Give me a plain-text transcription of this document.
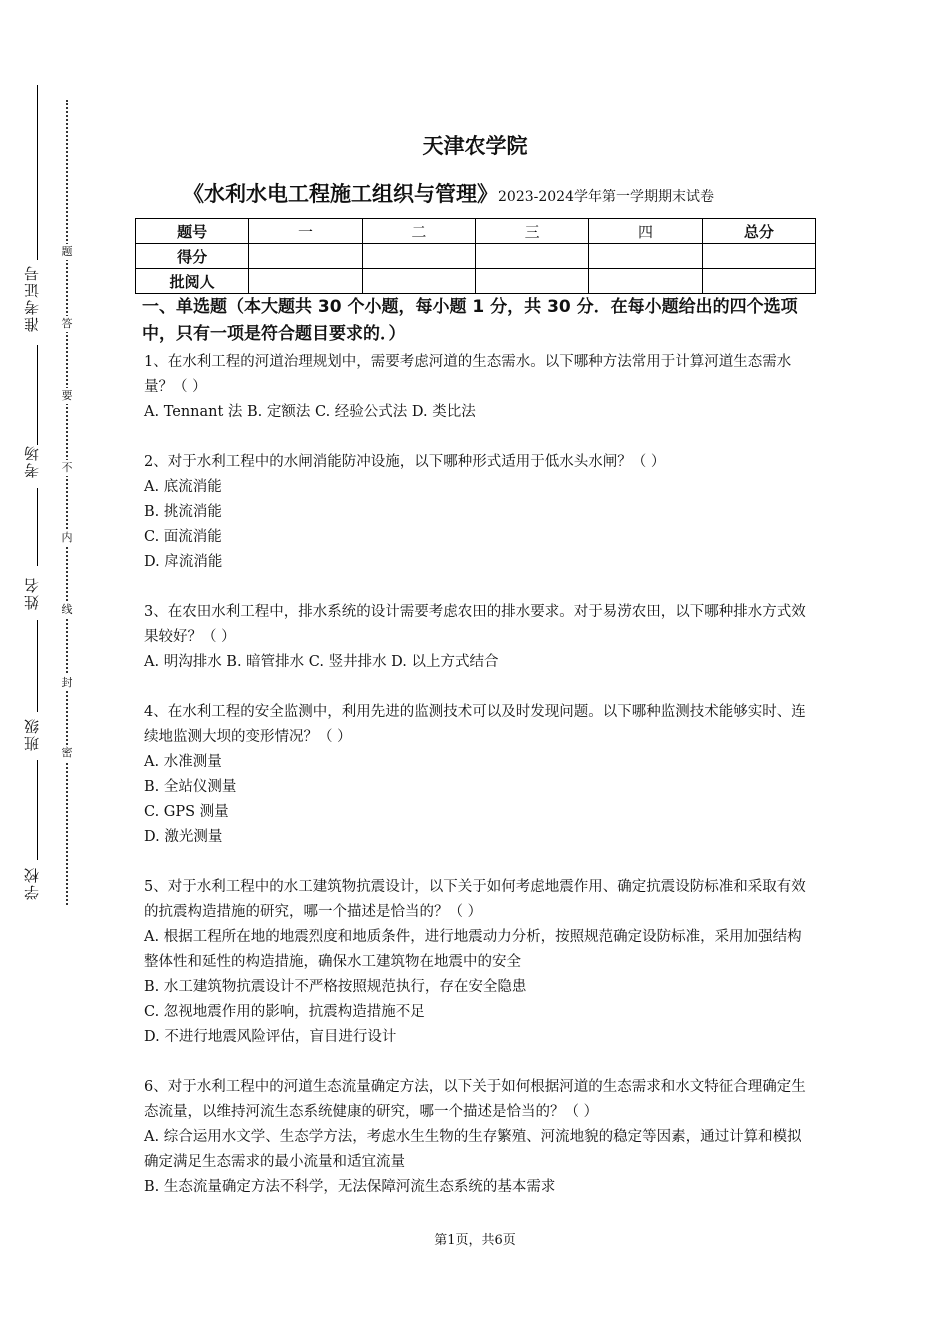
准考证号
考场
姓名
班级
学校
题
答
要
不
内
线
封
密
天津农学院
《水利水电工程施工组织与管理》2023-2024学年第一学期期末试卷
题号	一	二	三	四	总分
得分					
批阅人					
一、单选题（本大题共 30 个小题，每小题 1 分，共 30 分．在每小题给出的四个选项中，只有一项是符合题目要求的．）

1、在水利工程的河道治理规划中，需要考虑河道的生态需水。以下哪种方法常用于计算河道生态需水量？（ ）

A. Tennant 法 B. 定额法 C. 经验公式法 D. 类比法

2、对于水利工程中的水闸消能防冲设施，以下哪种形式适用于低水头水闸？（ ）

A. 底流消能

B. 挑流消能

C. 面流消能

D. 戽流消能

3、在农田水利工程中，排水系统的设计需要考虑农田的排水要求。对于易涝农田，以下哪种排水方式效果较好？（ ）

A. 明沟排水 B. 暗管排水 C. 竖井排水 D. 以上方式结合

4、在水利工程的安全监测中，利用先进的监测技术可以及时发现问题。以下哪种监测技术能够实时、连续地监测大坝的变形情况？（ ）

A. 水准测量

B. 全站仪测量

C. GPS 测量

D. 激光测量

5、对于水利工程中的水工建筑物抗震设计，以下关于如何考虑地震作用、确定抗震设防标准和采取有效的抗震构造措施的研究，哪一个描述是恰当的？（ ）

A. 根据工程所在地的地震烈度和地质条件，进行地震动力分析，按照规范确定设防标准，采用加强结构整体性和延性的构造措施，确保水工建筑物在地震中的安全

B. 水工建筑物抗震设计不严格按照规范执行，存在安全隐患

C. 忽视地震作用的影响，抗震构造措施不足

D. 不进行地震风险评估，盲目进行设计

6、对于水利工程中的河道生态流量确定方法，以下关于如何根据河道的生态需求和水文特征合理确定生态流量，以维持河流生态系统健康的研究，哪一个描述是恰当的？（ ）

A. 综合运用水文学、生态学方法，考虑水生生物的生存繁殖、河流地貌的稳定等因素，通过计算和模拟确定满足生态需求的最小流量和适宜流量

B. 生态流量确定方法不科学，无法保障河流生态系统的基本需求

第1页，共6页
